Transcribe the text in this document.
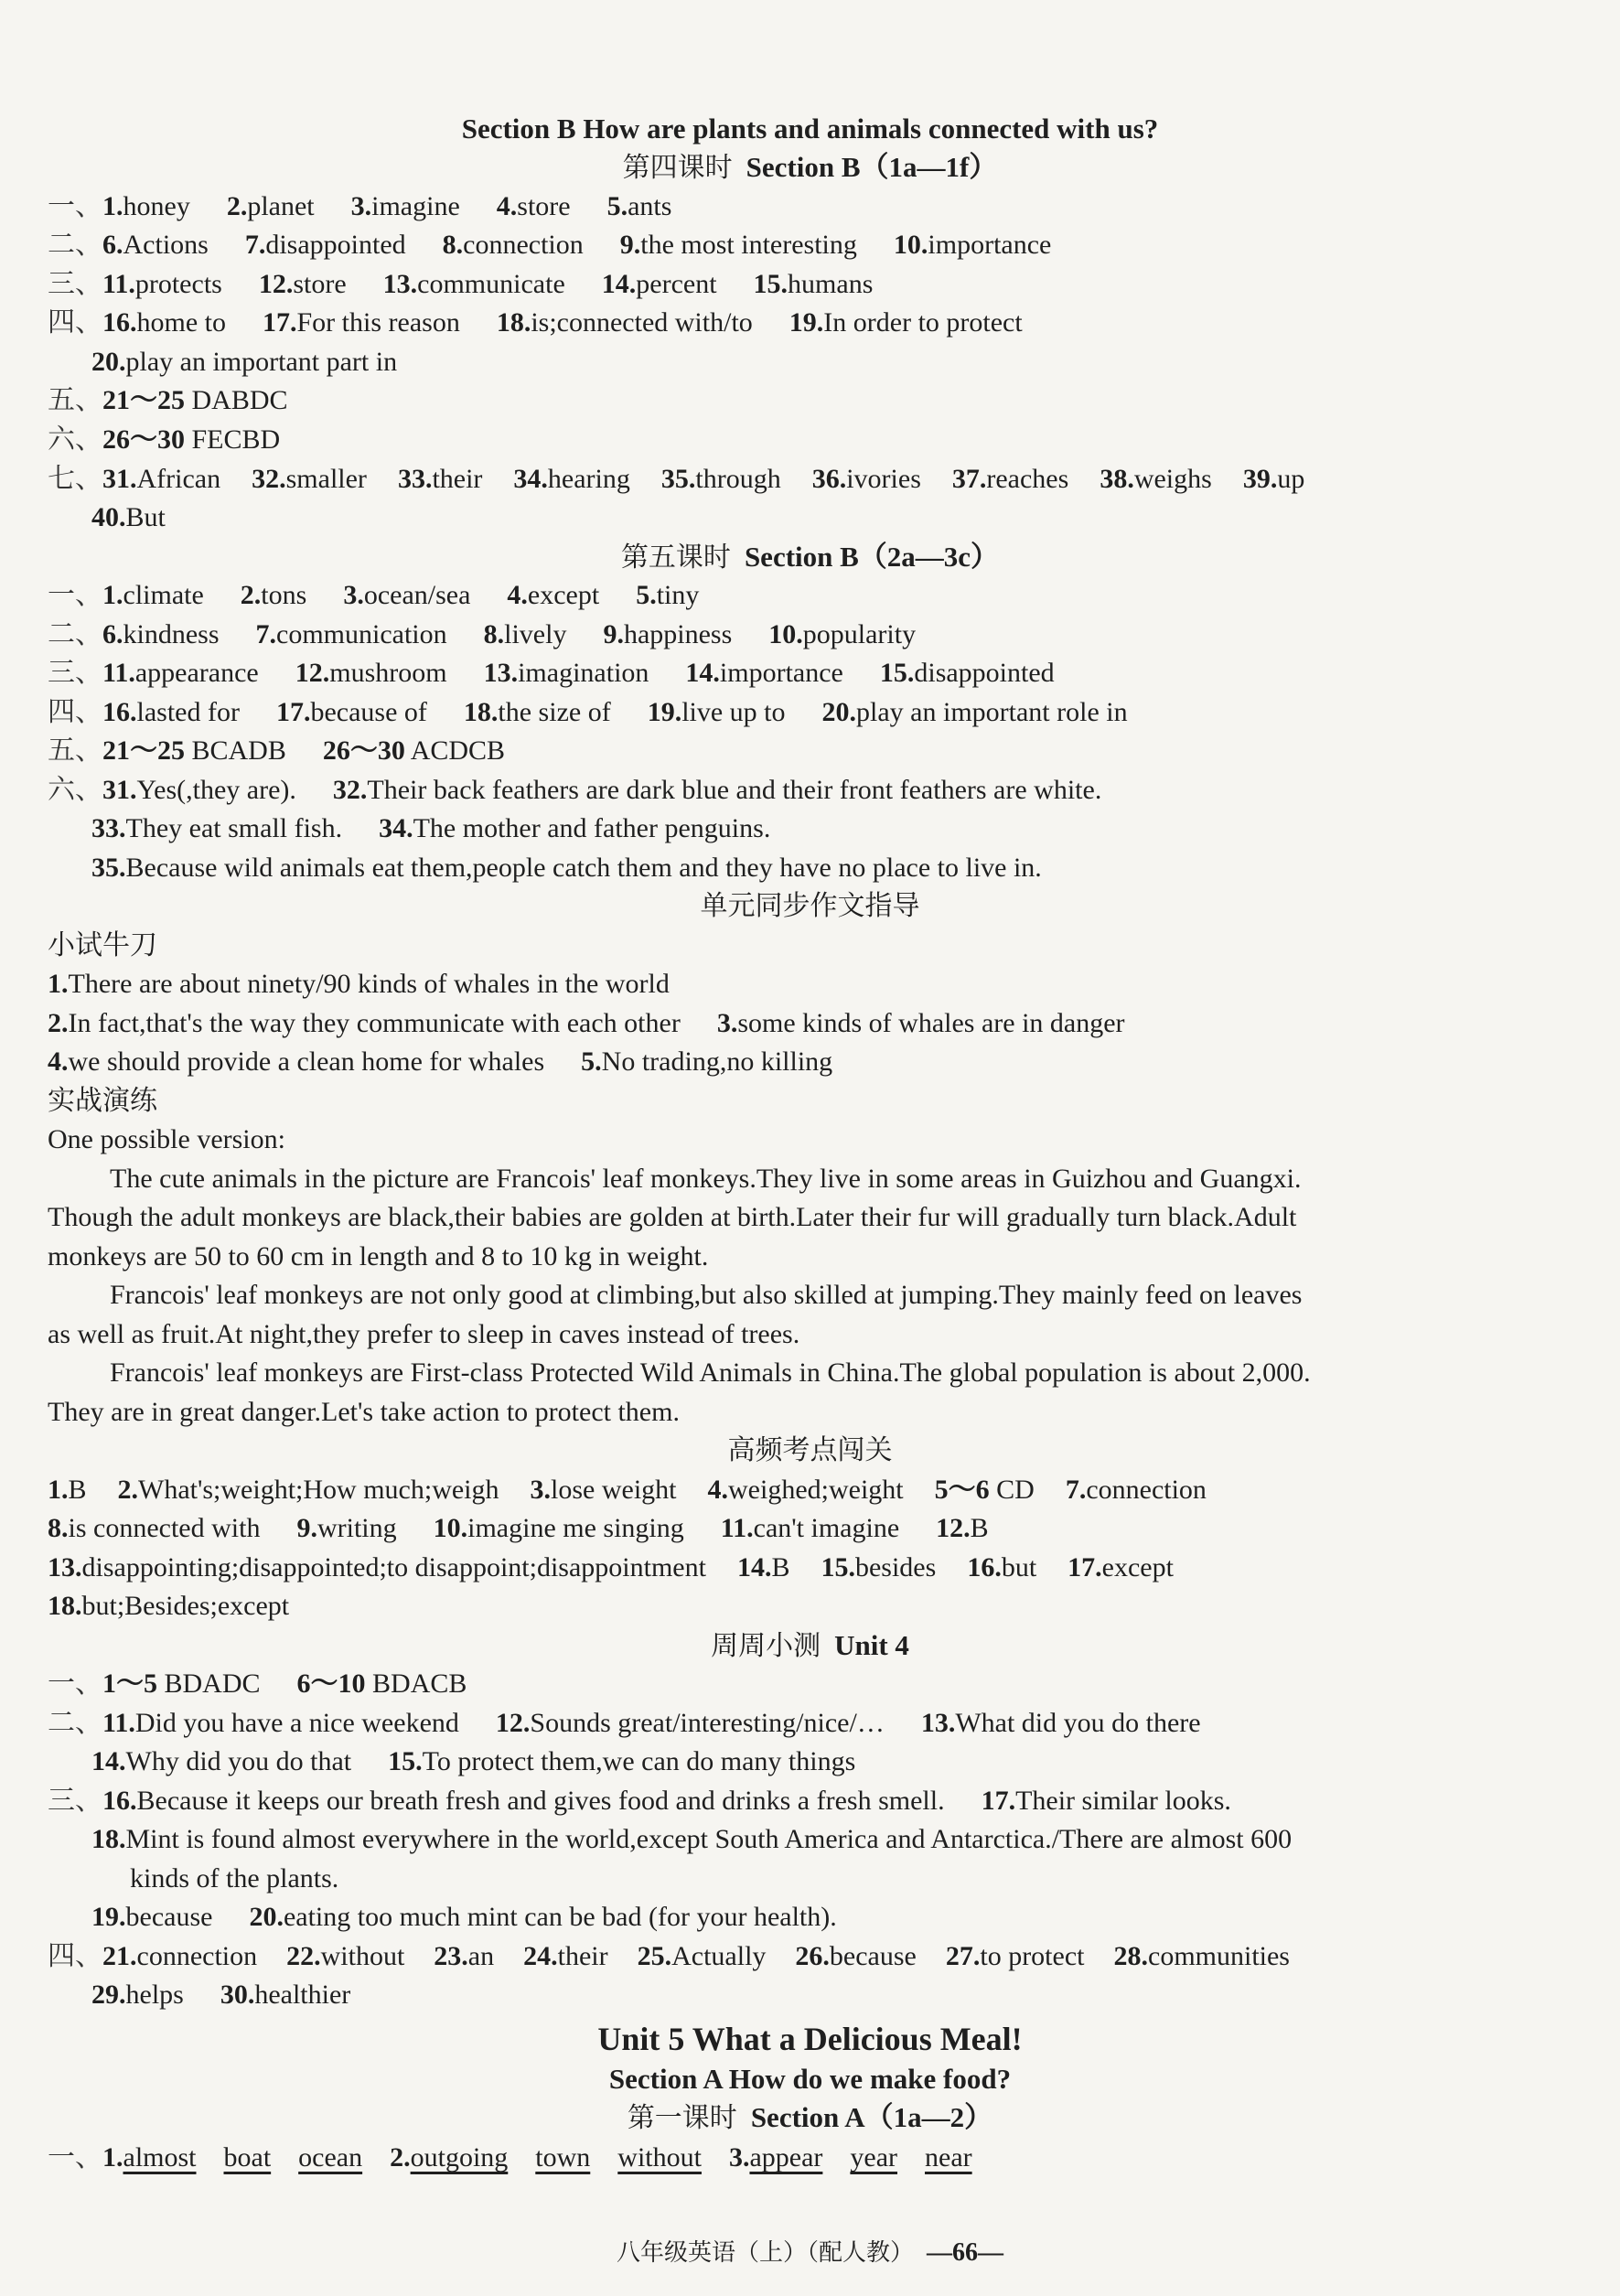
Section B How are plants and animals connected with us?
第四课时 Section B（1a—1f）
一、1.honey 2.planet 3.imagine 4.store 5.ants
二、6.Actions 7.disappointed 8.connection 9.the most interesting 10.importance
三、11.protects 12.store 13.communicate 14.percent 15.humans
四、16.home to 17.For this reason 18.is;connected with/to 19.In order to protect
20.play an important part in
五、21～25 DABDC
六、26～30 FECBD
七、31.African 32.smaller 33.their 34.hearing 35.through 36.ivories 37.reaches 38.weighs 39.up
40.But
第五课时 Section B（2a—3c）
一、1.climate 2.tons 3.ocean/sea 4.except 5.tiny
二、6.kindness 7.communication 8.lively 9.happiness 10.popularity
三、11.appearance 12.mushroom 13.imagination 14.importance 15.disappointed
四、16.lasted for 17.because of 18.the size of 19.live up to 20.play an important role in
五、21～25 BCADB 26～30 ACDCB
六、31.Yes(,they are). 32.Their back feathers are dark blue and their front feathers are white.
33.They eat small fish. 34.The mother and father penguins.
35.Because wild animals eat them,people catch them and they have no place to live in.
单元同步作文指导
小试牛刀
1.There are about ninety/90 kinds of whales in the world
2.In fact,that's the way they communicate with each other 3.some kinds of whales are in danger
4.we should provide a clean home for whales 5.No trading,no killing
实战演练
One possible version:
The cute animals in the picture are Francois' leaf monkeys.They live in some areas in Guizhou and Guangxi.
Though the adult monkeys are black,their babies are golden at birth.Later their fur will gradually turn black.Adult
monkeys are 50 to 60 cm in length and 8 to 10 kg in weight.
Francois' leaf monkeys are not only good at climbing,but also skilled at jumping.They mainly feed on leaves
as well as fruit.At night,they prefer to sleep in caves instead of trees.
Francois' leaf monkeys are First-class Protected Wild Animals in China.The global population is about 2,000.
They are in great danger.Let's take action to protect them.
高频考点闯关
1.B 2.What's;weight;How much;weigh 3.lose weight 4.weighed;weight 5～6 CD 7.connection
8.is connected with 9.writing 10.imagine me singing 11.can't imagine 12.B
13.disappointing;disappointed;to disappoint;disappointment 14.B 15.besides 16.but 17.except
18.but;Besides;except
周周小测 Unit 4
一、1～5 BDADC 6～10 BDACB
二、11.Did you have a nice weekend 12.Sounds great/interesting/nice/… 13.What did you do there
14.Why did you do that 15.To protect them,we can do many things
三、16.Because it keeps our breath fresh and gives food and drinks a fresh smell. 17.Their similar looks.
18.Mint is found almost everywhere in the world,except South America and Antarctica./There are almost 600
kinds of the plants.
19.because 20.eating too much mint can be bad (for your health).
四、21.connection 22.without 23.an 24.their 25.Actually 26.because 27.to protect 28.communities
29.helps 30.healthier
Unit 5 What a Delicious Meal!
Section A How do we make food?
第一课时 Section A（1a—2）
一、1.almost boat ocean 2.outgoing town without 3.appear year near
八年级英语（上）（配人教） —66—
